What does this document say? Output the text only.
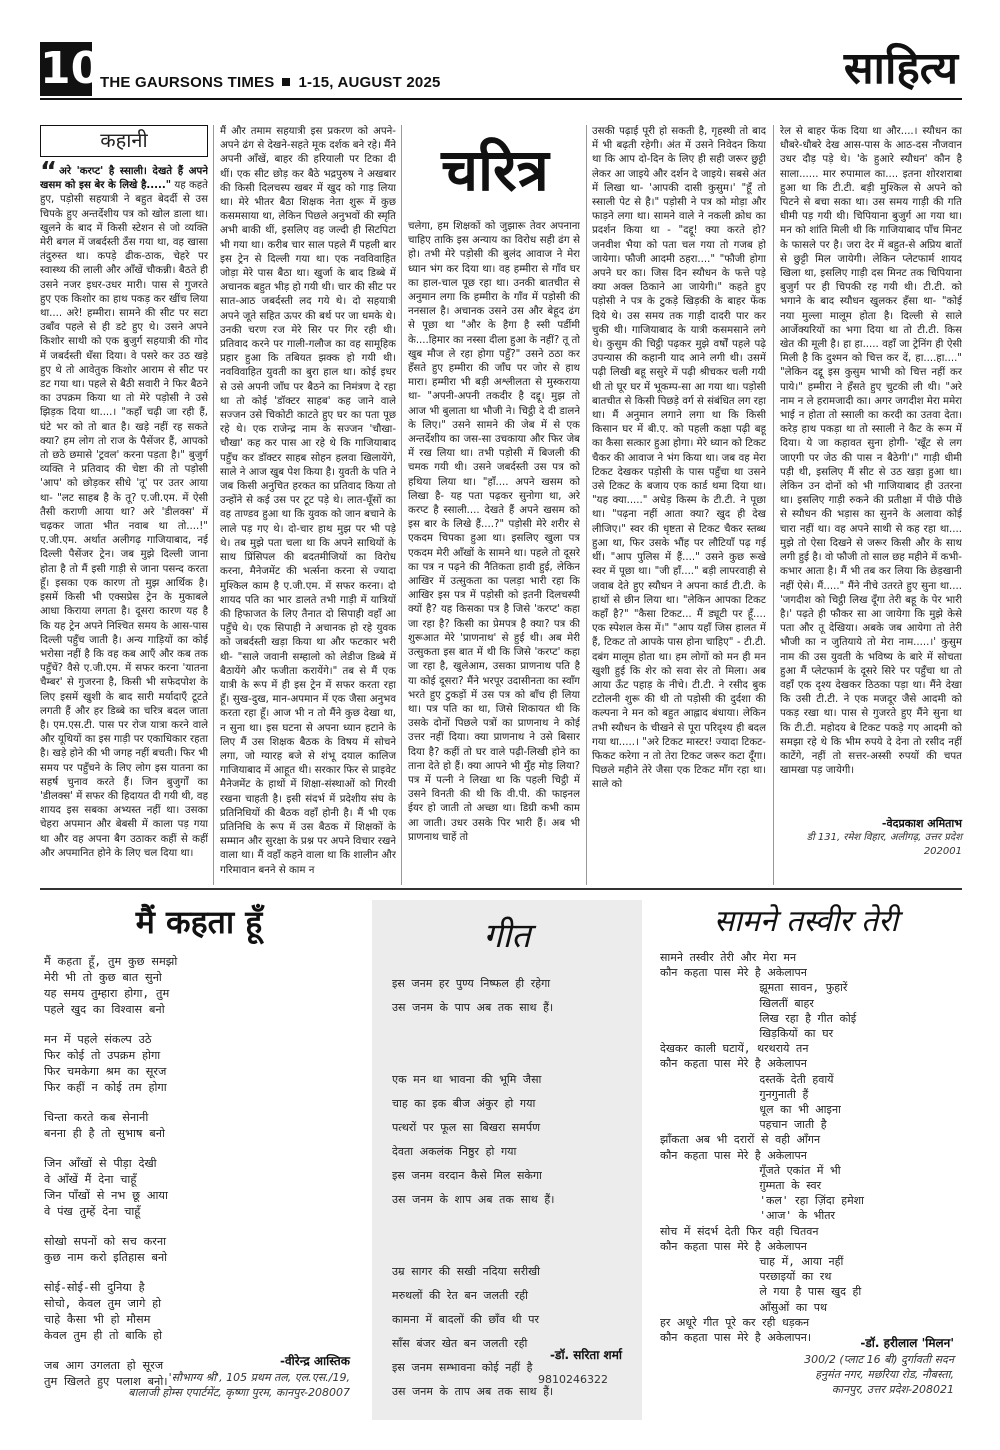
10
THE GAURSONS TIMES 1-15, AUGUST 2025	साहित्य
कहानी

“ अरे 'करप्ट' है स्साली। देखते हैं अपने खसम को इस बेर के लिखे है....." यह कहते हुए, पड़ोसी सहयात्री ने बहुत बेदर्दी से उस चिपके हुए अन्तर्देशीय पत्र को खोल डाला था। खुलने के बाद में किसी स्टेशन से जो व्यक्ति मेरी बगल में जबर्दस्ती ठँस गया था, वह खासा तंदुरुस्त था। कपड़े ढीक-ठाक, चेहरे पर स्वास्थ्य की लाली और आँखें चौकन्नी। बैठते ही उसने नजर इधर-उधर मारी। पास से गुजरते हुए एक किशोर का हाथ पकड़ कर खींच लिया था.... अरे! हम्मीरा। सामने की सीट पर सटा उबाँव पहले से ही डटे हुए थे। उसने अपने किशोर साथी को एक बुजुर्ग सहयात्री की गोद में जबर्दस्ती धँसा दिया। वे पसरे कर उठ खड़े हुए थे तो आवेतुक किशोर आराम से सीट पर डट गया था। पहले से बैठी सवारी ने फिर बैठने का उपक्रम किया था तो मेरे पड़ोसी ने उसे झिड़क दिया था....। "कहाँ चढ़ी जा रही हैं, घंटे भर को तो बात है। खड़े नहीं रह सकते क्या? हम लोग तो राज के पैसेंजर हैं, आपको तो छठे छमासे 'ट्रवल' करना पड़ता है।" बुजुर्ग व्यक्ति ने प्रतिवाद की चेष्टा की तो पड़ोसी 'आप' को छोड़कर सीधे 'तू' पर उतर आया था- "लट साहब है के तू? ए.जी.एम. में ऐसी तैसी कराणी आया था? अरे 'डीलक्स' में चढ़कर जाता भीत नवाब था तो....!" ए.जी.एम. अर्थात अलीगढ़ गाजियाबाद, नई दिल्ली पैसेंजर ट्रेन। जब मुझे दिल्ली जाना होता है तो मैं इसी गाड़ी से जाना पसन्द करता हूँ। इसका एक कारण तो मुझ आर्थिक है। इसमें किसी भी एक्सप्रेस ट्रेन के मुकाबले आधा किराया लगता है। दूसरा कारण यह है कि यह ट्रेन अपने निश्चित समय के आस-पास दिल्ली पहुँच जाती है। अन्य गाड़ियों का कोई भरोसा नहीं है कि वह कब आएँ और कब तक पहुँचें? वैसे ए.जी.एम. में सफर करना 'यातना चैम्बर' से गुजरना है, किसी भी सफेदपोश के लिए इसमें खुशी के बाद सारी मर्यादाएँ टूटते लगती हैं और हर डिब्बे का चरित्र बदल जाता है। एम.एस.टी. पास पर रोज यात्रा करने वाले और यूथियों का इस गाड़ी पर एकाधिकार रहता है। खड़े होने की भी जगह नहीं बचती। फिर भी समय पर पहुँचने के लिए लोग इस यातना का सहर्ष चुनाव करते हैं। जिन बुजुर्गों का 'डीलक्स' में सफर की हिदायत दी गयी थी, वह शायद इस सबका अभ्यस्त नहीं था। उसका चेहरा अपमान और बेबसी में काला पड़ गया था और वह अपना बैग उठाकर कहीं से कहीं और अपमानित होने के लिए चल दिया था।

मैं और तमाम सहयात्री इस प्रकरण को अपने-अपने ढंग से देखने-सहते मूक दर्शक बने रहे। मैंने अपनी आँखें, बाहर की हरियाली पर टिका दी थीं। एक सीट छोड़ कर बैठे भद्रपुरुष ने अखबार की किसी दिलचस्प खबर में खुद को गाड़ लिया था। मेरे भीतर बैठा शिक्षक नेता शुरू में कुछ कसमसाया था, लेकिन पिछले अनुभवों की स्मृति अभी बाकी थीं, इसलिए वह जल्दी ही सिटपिटा भी गया था। करीब चार साल पहले मैं पहली बार इस ट्रेन से दिल्ली गया था। एक नवविवाहित जोड़ा मेरे पास बैठा था। खुर्जा के बाद डिब्बे में अचानक बहुत भीड़ हो गयी थी। चार की सीट पर सात-आठ जबर्दस्ती लद गये थे। दो सहयात्री अपने जूते सहित ऊपर की बर्थ पर जा धमके थे। उनकी चरण रज मेरे सिर पर गिर रही थी। प्रतिवाद करने पर गाली-गलौज का वह सामूहिक प्रहार हुआ कि तबियत झक्क हो गयी थी। नवविवाहित युवती का बुरा हाल था। कोई इधर से उसे अपनी जाँघ पर बैठने का निमंत्रण दे रहा था तो कोई 'डॉक्टर साहब' कह जाने वाले सज्जन उसे चिकोटी काटते हुए घर का पता पूछ रहे थे। एक राजेन्द्र नाम के सज्जन 'चौखा-चौखा' कह कर पास आ रहे थे कि गाजियाबाद पहुँच कर डॉक्टर साहब सोहन हलवा खिलायेंगे, साले ने आज खुब पेश किया है। युवती के पति ने जब किसी अनुचित हरकत का प्रतिवाद किया तो उन्होंने से कई उस पर टूट पड़े थे। लात-घूँसों का वह ताण्डव हुआ था कि युवक को जान बचाने के लाले पड़ गए थे। दो-चार हाथ मुझ पर भी पड़े थे। तब मुझे पता चला था कि अपने साथियों के साथ प्रिंसिपल की बदतमीजियों का विरोध करना, मैनेजमेंट की भर्त्सना करना से ज्यादा मुश्किल काम है ए.जी.एम. में सफर करना। दो शायद पति का भार डालते तभी गाड़ी में यात्रियों की हिफाजत के लिए तैनात दो सिपाही वहाँ आ पहुँचे थे। एक सिपाही ने अचानक हो रहे युवक को जबर्दस्ती खड़ा किया था और फटकार भरी थी- "साले जवानी सम्हालो को लेडीज डिब्बे में बैठायेंगे और फजीता करायेंगे।" तब से मैं एक यात्री के रूप में ही इस ट्रेन में सफर करता रहा हूँ। सुख-दुख, मान-अपमान में एक जैसा अनुभव करता रहा हूँ। आज भी न तो मैंने कुछ देखा था, न सुना था। इस घटना से अपना ध्यान हटाने के लिए मैं उस शिक्षक बैठक के विषय में सोचने लगा, जो ग्यारह बजे से शंभू दयाल कालिज गाजियाबाद में आहूत थी। सरकार फिर से प्राइवेट मैनेजमेंट के हाथों में शिक्षा-संस्थाओं को गिरवी रखना चाहती है। इसी संदर्भ में प्रदेशीय संघ के प्रतिनिधियों की बैठक वहाँ होनी है। मैं भी एक प्रतिनिधि के रूप में उस बैठक में शिक्षकों के सम्मान और सुरक्षा के प्रश्न पर अपने विचार रखने वाला था। मैं वहाँ कहने वाला था कि शालीन और गरिमावान बनने से काम न

चरित्र

चलेगा, हम शिक्षकों को जुझारू तेवर अपनाना चाहिए ताकि इस अन्याय का विरोध सही ढंग से हो। तभी मेरे पड़ोसी की बुलंद आवाज ने मेरा ध्यान भंग कर दिया था। वह हम्मीरा से गाँव घर का हाल-चाल पूछ रहा था। उनकी बातचीत से अनुमान लगा कि हम्मीरा के गाँव में पड़ोसी की ननसाल है। अचानक उसने उस और बेहूद ढंग से पूछा था "और के हैगा है स्सी पर्डीमी के....हिमार का नस्सा दीला हुआ के नहीं? तू तो खुब मौज ले रहा होगा पहुँ?" उसने ठठा कर हँसते हुए हम्मीरा की जाँघ पर जोर से हाथ मारा। हम्मीरा भी बड़ी अश्लीलता से मुस्कराया था- "अपनी-अपनी तकदीर है दद्दू। मुझ तो आज भी बुलाता था भौजी ने। चिट्ठी दे दी डालने के लिए।" उसने सामने की जेब में से एक अन्तर्देशीय का जस-सा उचकाया और फिर जेब में रख लिया था। तभी पड़ोसी में बिजली की चमक गयी थी। उसने जबर्दस्ती उस पत्र को हथिया लिया था। "हाँ.... अपने खसम को लिखा है- यह पता पढ़कर सुनोगा था, अरे करप्ट है स्साली.... देखते हैं अपने खसम को इस बार के लिखे हैं....?" पड़ोसी मेरे शरीर से एकदम चिपका हुआ था। इसलिए खुला पत्र एकदम मेरी आँखों के सामने था। पहले तो दूसरे का पत्र न पढ़ने की नैतिकता हावी हुई, लेकिन आखिर में उत्सुकता का पलड़ा भारी रहा कि आखिर इस पत्र में पड़ोसी को इतनी दिलचस्पी क्यों है? यह किसका पत्र है जिसे 'करप्ट' कहा जा रहा है? किसी का प्रेमपत्र है क्या? पत्र की शुरूआत मेरे 'प्राणनाथ' से हुई थी। अब मेरी उत्सुकता इस बात में थी कि जिसे 'करप्ट' कहा जा रहा है, खुलेआम, उसका प्राणनाथ पति है या कोई दूसरा? मैंने भरपूर उदासीनता का स्वाँग भरते हुए टुकड़ों में उस पत्र को बाँच ही लिया था। पत्र पति का था, जिसे शिकायत थी कि उसके दोनों पिछले पत्रों का प्राणनाथ ने कोई उत्तर नहीं दिया। क्या प्राणनाथ ने उसे बिसार दिया है? कहीं तो घर वाले पढ़ी-लिखी होने का ताना देते हो हैं। क्या आपने भी मुँह मोड़ लिया? पत्र में पत्नी ने लिखा था कि पहली चिट्ठी में उसने विनती की थी कि वी.पी. की फाइनल ईयर हो जाती तो अच्छा था। डिग्री कभी काम आ जाती। उधर उसके पिर भारी हैं। अब भी प्राणनाथ चाहें तो

उसकी पढ़ाई पूरी हो सकती है, गृहस्थी तो बाद में भी बढ़ती रहेगी। अंत में उसने निवेदन किया था कि आप दो-दिन के लिए ही सही जरूर छुट्टी लेकर आ जाइये और दर्शन दे जाइये। सबसे अंत में लिखा था- 'आपकी दासी कुसुम।' "हूँ तो स्साली पेट से है।" पड़ोसी ने पत्र को मोड़ा और फाड़ने लगा था। सामने वाले ने नकली क्रोध का प्रदर्शन किया था - "दद्दू! क्या करते हो? जनवीश भैया को पता चल गया तो गजब हो जायेगा। फौजी आदमी ठहरा...." "फौजी होगा अपने घर का। जिस दिन स्यौधन के फत्ते पड़े क्या अक्ल ठिकाने आ जायेगी।" कहते हुए पड़ोसी ने पत्र के टुकड़े खिड़की के बाहर फेंक दिये थे। उस समय तक गाड़ी दादरी पार कर चुकी थी। गाजियाबाद के यात्री कसमसाने लगे थे। कुसुम की चिट्ठी पढ़कर मुझे वर्षों पहले पढ़े उपन्यास की कहानी याद आने लगी थी। उसमें पढ़ी लिखी बहू ससुरे में पढ़ी श्रीचकर चली गयी थी तो घूर घर में भूकम्प-सा आ गया था। पड़ोसी बातचीत से किसी पिछड़े वर्ग से संबंधित लग रहा था। मैं अनुमान लगाने लगा था कि किसी किसान घर में बी.ए. को पहली कक्षा पढ़ी बहू का कैसा सत्कार हुआ होगा। मेरे ध्यान को टिकट चैकर की आवाज ने भंग किया था। जब वह मेरा टिकट देखकर पड़ोसी के पास पहुँचा था उसने उसे टिकट के बजाय एक कार्ड थमा दिया था। "यह क्या....." अधेड़ किस्म के टी.टी. ने पूछा था। "पढ़ना नहीं आता क्या? खुद ही देख लीजिए।" स्वर की धृष्टता से टिकट चैकर स्तब्ध हुआ था, फिर उसके भौंह पर लौटियाँ पढ़ गई थीं। "आप पुलिस में हैं...." उसने कुछ रूखे स्वर में पूछा था। "जी हाँ...." बड़ी लापरवाही से जवाब देते हुए स्यौधन ने अपना कार्ड टी.टी. के हाथों से छीन लिया था। "लेकिन आपका टिकट कहाँ है?" "कैसा टिकट... मैं ड्यूटी पर हूँ.... एक स्पेशल केस में।" "आप यहाँ जिस हालत में हैं, टिकट तो आपके पास होना चाहिए" - टी.टी. दबंग मालूम होता था। हम लोगों को मन ही मन खुशी हुई कि शेर को सवा सेर तो मिला। अब आया ऊँट पहाड़ के नीचे। टी.टी. ने रसीद बुक टटोलनी शुरू की थी तो पड़ोसी की दुर्दशा की कल्पना ने मन को बहुत आह्लाद बंधाया। लेकिन तभी स्यौधन के चीखने से पूरा परिदृश्य ही बदल गया था.....। "अरे टिकट मास्टर! ज्यादा टिकट-फिकट करेगा न तो तेरा टिकट जरूर कटा दूँगा। पिछले महीने तेरे जैसा एक टिकट माँग रहा था। साले को

रेल से बाहर फेंक दिया था और....। स्यौधन का धौबरे-धौबरे देख आस-पास के आठ-दस नौजवान उधर दौड़ पड़े थे। 'के हुआरे स्यौधन' कौन है साला...... मार रुपामाल का.... इतना शोरशराबा हुआ था कि टी.टी. बड़ी मुश्किल से अपने को पिटने से बचा सका था। उस समय गाड़ी की गति धीमी पड़ गयी थी। चिपियाना बुजुर्ग आ गया था। मन को शांति मिली थी कि गाजियाबाद पाँच मिनट के फासले पर है। जरा देर में बहुत-से अप्रिय बातों से छुट्टी मिल जायेगी। लेकिन प्लेटफार्म शायद खिला था, इसलिए गाड़ी दस मिनट तक चिपियाना बुजुर्ग पर ही चिपकी रह गयी थी। टी.टी. को भगाने के बाद स्यौधन खुलकर हँसा था- "कोई नया मुल्ला मालूम होता है। दिल्ली से साले आर्जेक्यरियों का भगा दिया था तो टी.टी. किस खेत की मूली है। हा हा..... वहाँ जा ट्रेनिंग ही ऐसी मिली है कि दुश्मन को चित्त कर दें, हा....हा...." "लेकिन दद्दू इस कुसुम भाभी को चित्त नहीं कर पाये।" हम्मीरा ने हँसते हुए चुटकी ली थी। "अरे नाम न ले हरामजादी का। अगर जगदीश मेरा ममेरा भाई न होता तो स्साली का करदी का उतवा देता। करेड़ हाथ पकड़ा था तो स्साली ने कैट के रूम में दिया। ये जा कहावत सुना होगी- 'खूँट से लग जाएगी पर जेठ की पास न बैठेगी'।" गाड़ी धीमी पड़ी थी, इसलिए मैं सीट से उठ खड़ा हुआ था। लेकिन उन दोनों को भी गाजियाबाद ही उतरना था। इसलिए गाड़ी रुकने की प्रतीक्षा में पीछे पीछे से स्यौधन की भड़ास का सुनने के अलावा कोई चारा नहीं था। वह अपने साथी से कह रहा था.... मुझे तो ऐसा दिखने से जरूर किसी और के साथ लगी हुई है। वो फौजी तो साल छह महीने में कभी-कभार आता है। मैं भी तब कर लिया कि छेड़खानी नहीं ऐसे। मैं....." मैंने नीचे उतरते हुए सुना था.... 'जगदीश को चिट्ठी लिख दूँगा तेरी बहू के पेर भारी है।' पढ़ते ही फौकर सा आ जायेगा कि मुझे केसे पता और तू देखिया। अबके जब आयेगा तो तेरी भौजी का न जुतियाये तो मेरा नाम.....।' कुसुम नाम की उस युवती के भविष्य के बारे में सोचता हुआ मैं प्लेटफार्म के दूसरे सिरे पर पहुँचा था तो वहाँ एक दृश्य देखकर ठिठका पड़ा था। मैंने देखा कि उसी टी.टी. ने एक मजदूर जैसे आदमी को पकड़ रखा था। पास से गुजरते हुए मैंने सुना था कि टी.टी. महोदय बे टिकट पकड़े गए आदमी को समझा रहे थे कि भीम रुपये दे देना तो रसीद नहीं काटेंगे, नहीं तो सत्तर-अस्सी रुपयों की चपत खामखा पड़ जायेगी।

-वेदप्रकाश अमिताभ
डी 131, रमेश विहार, अलीगढ़, उत्तर प्रदेश 202001
मैं कहता हूँ
मैं कहता हूँ, तुम कुछ समझो
मेरी भी तो कुछ बात सुनो
यह समय तुम्हारा होगा, तुम
पहले खुद का विश्वास बनो
मन में पहले संकल्प उठे
फिर कोई तो उपक्रम होगा
फिर चमकेगा श्रम का सूरज
फिर कहीं न कोई तम होगा
चिन्ता करते कब सेनानी
बनना ही है तो सुभाष बनो
जिन आँखों से पीड़ा देखी
वे आँखें मैं देना चाहूँ
जिन पाँखों से नभ छू आया
वे पंख तुम्हें देना चाहूँ
सोखो सपनों को सच करना
कुछ नाम करो इतिहास बनो
सोई-सोई-सी दुनिया है
सोचो, केवल तुम जागे हो
चाहे कैसा भी हो मौसम
केवल तुम ही तो बाकि हो
जब आग उगलता हो सूरज
तुम खिलते हुए पलाश बनो।
-वीरेन्द्र आस्तिक
'सौभाग्य श्री', 105 प्रथम तल, एल.एस./19,
बालाजी होम्स एपार्टमेंट, कृष्णा पुरम, कानपुर-208007
गीत
इस जनम हर पुण्य निष्फल ही रहेगा
उस जनम के पाप अब तक साथ हैं।
एक मन था भावना की भूमि जैसा
चाह का इक बीज अंकुर हो गया
पत्थरों पर फूल सा बिखरा समर्पण
देवता अकलंक निष्ठुर हो गया
इस जनम वरदान कैसे मिल सकेगा
उस जनम के शाप अब तक साथ हैं।
उम्र सागर की सखी नदिया सरीखी
मरुथलों की रेत बन जलती रही
कामना में बादलों की छाँव थी पर
साँस बंजर खेत बन जलती रही
इस जनम सम्भावना कोई नहीं है
उस जनम के ताप अब तक साथ हैं।
-डॉ. सरिता शर्मा
9810246322
सामने तस्वीर तेरी
सामने तस्वीर तेरी और मेरा मन
कौन कहता पास मेरे है अकेलापन
झूमता सावन, फुहारें
खिलतीं बाहर
लिख रहा है गीत कोई
खिड़कियों का घर
देखकर काली घटायें, थरथराये तन
कौन कहता पास मेरे है अकेलापन
दस्तकें देती हवायें
गुनगुनाती हैं
धूल का भी आइना
पहचान जाती है
झाँकता अब भी दरारों से वही आँगन
कौन कहता पास मेरे है अकेलापन
गूँजते एकांत में भी
ग़ुम्मता के स्वर
'कल' रहा ज़िंदा हमेशा
'आज' के भीतर
सोच में संदर्भ देती फिर वही चितवन
कौन कहता पास मेरे है अकेलापन
चाह में, आया नहीं
परछाइयों का रथ
ले गया है पास खुद ही
आँसुओं का पथ
हर अधूरे गीत पूरे कर रही धड़कन
कौन कहता पास मेरे है अकेलापन।	-डॉ. हरीलाल 'मिलन'
300/2 (प्लाट 16 बी) दुर्गावती सदन
हनुमंत नगर, मछरिया रोड, नौबस्ता,
कानपुर, उत्तर प्रदेश-208021
